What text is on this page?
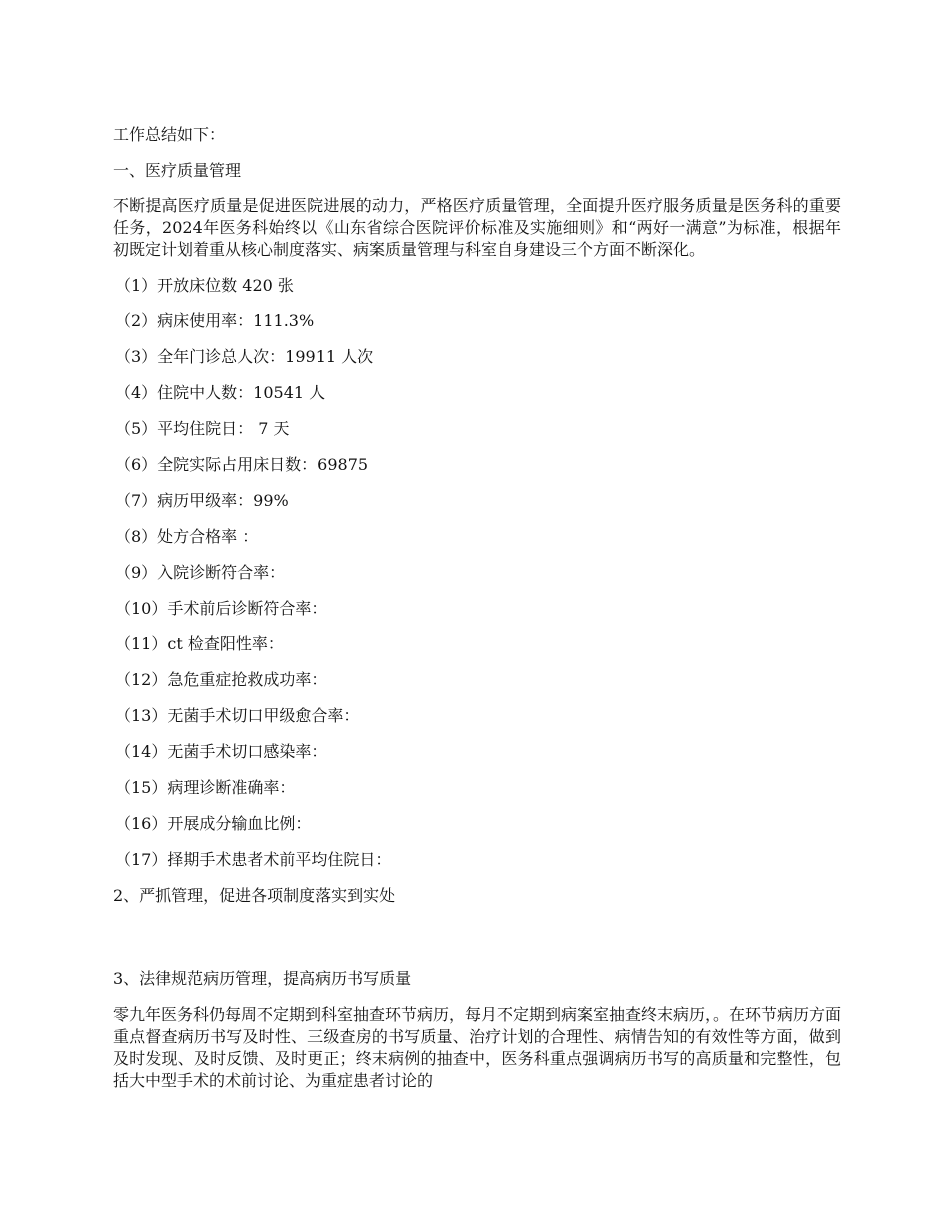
工作总结如下：
一、医疗质量管理
不断提高医疗质量是促进医院进展的动力，严格医疗质量管理，全面提升医疗服务质量是医务科的重要任务，2024年医务科始终以《山东省综合医院评价标准及实施细则》和“两好一满意”为标准，根据年初既定计划着重从核心制度落实、病案质量管理与科室自身建设三个方面不断深化。
（1）开放床位数 420 张
（2）病床使用率：111.3%
（3）全年门诊总人次：19911 人次
（4）住院中人数：10541 人
（5）平均住院日： 7 天
（6）全院实际占用床日数：69875
（7）病历甲级率：99%
（8）处方合格率 ：
（9）入院诊断符合率：
（10）手术前后诊断符合率：
（11）ct 检查阳性率：
（12）急危重症抢救成功率：
（13）无菌手术切口甲级愈合率：
（14）无菌手术切口感染率：
（15）病理诊断准确率：
（16）开展成分输血比例：
（17）择期手术患者术前平均住院日：
2、严抓管理，促进各项制度落实到实处
3、法律规范病历管理，提高病历书写质量
零九年医务科仍每周不定期到科室抽查环节病历，每月不定期到病案室抽查终末病历，。在环节病历方面重点督查病历书写及时性、三级查房的书写质量、治疗计划的合理性、病情告知的有效性等方面，做到及时发现、及时反馈、及时更正；终末病例的抽查中，医务科重点强调病历书写的高质量和完整性，包括大中型手术的术前讨论、为重症患者讨论的
